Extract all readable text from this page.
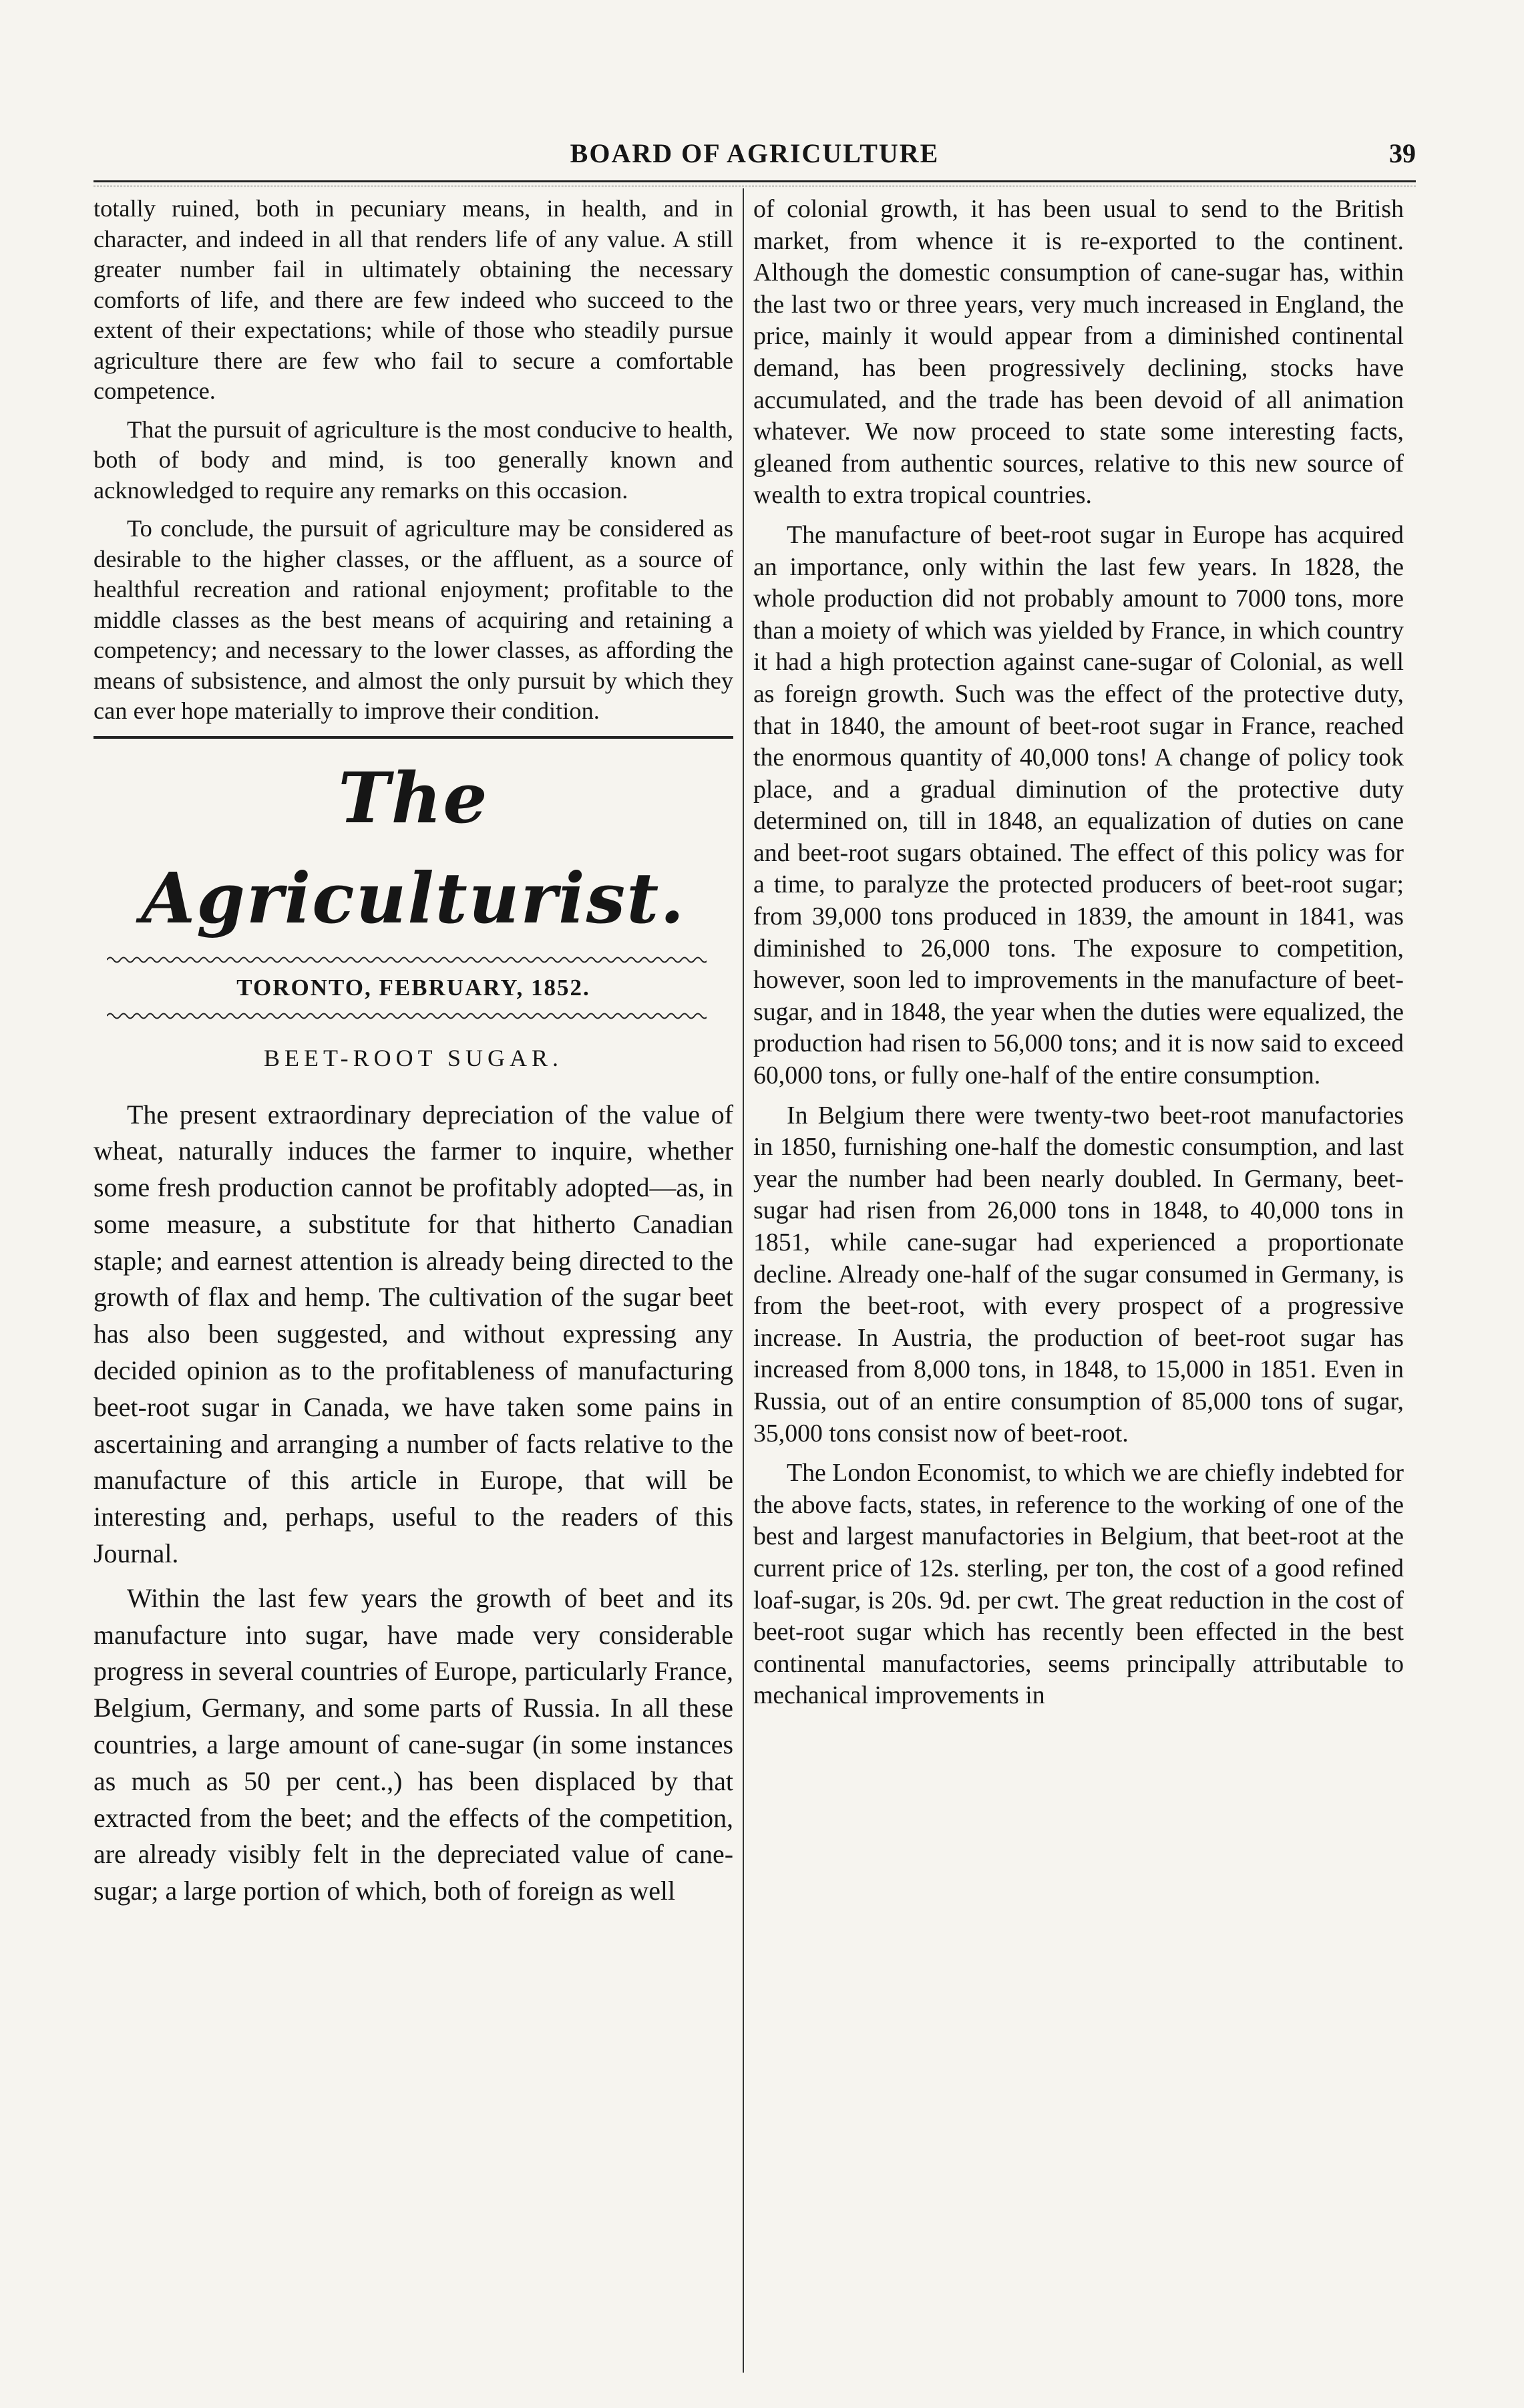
BOARD OF AGRICULTURE	39

totally ruined, both in pecuniary means, in health, and in character, and indeed in all that renders life of any value. A still greater number fail in ultimately obtaining the necessary comforts of life, and there are few indeed who succeed to the extent of their expectations; while of those who steadily pursue agriculture there are few who fail to secure a comfortable competence.

That the pursuit of agriculture is the most conducive to health, both of body and mind, is too generally known and acknowledged to require any remarks on this occasion.

To conclude, the pursuit of agriculture may be considered as desirable to the higher classes, or the affluent, as a source of healthful recreation and rational enjoyment; profitable to the middle classes as the best means of acquiring and retaining a competency; and necessary to the lower classes, as affording the means of subsistence, and almost the only pursuit by which they can ever hope materially to improve their condition.

The Agriculturist.
TORONTO, FEBRUARY, 1852.
BEET-ROOT SUGAR.

The present extraordinary depreciation of the value of wheat, naturally induces the farmer to inquire, whether some fresh production cannot be profitably adopted—as, in some measure, a substitute for that hitherto Canadian staple; and earnest attention is already being directed to the growth of flax and hemp. The cultivation of the sugar beet has also been suggested, and without expressing any decided opinion as to the profitableness of manufacturing beet-root sugar in Canada, we have taken some pains in ascertaining and arranging a number of facts relative to the manufacture of this article in Europe, that will be interesting and, perhaps, useful to the readers of this Journal.

Within the last few years the growth of beet and its manufacture into sugar, have made very considerable progress in several countries of Europe, particularly France, Belgium, Germany, and some parts of Russia. In all these countries, a large amount of cane-sugar (in some instances as much as 50 per cent.,) has been displaced by that extracted from the beet; and the effects of the competition, are already visibly felt in the depreciated value of cane-sugar; a large portion of which, both of foreign as well

of colonial growth, it has been usual to send to the British market, from whence it is re-exported to the continent. Although the domestic consumption of cane-sugar has, within the last two or three years, very much increased in England, the price, mainly it would appear from a diminished continental demand, has been progressively declining, stocks have accumulated, and the trade has been devoid of all animation whatever. We now proceed to state some interesting facts, gleaned from authentic sources, relative to this new source of wealth to extra tropical countries.

The manufacture of beet-root sugar in Europe has acquired an importance, only within the last few years. In 1828, the whole production did not probably amount to 7000 tons, more than a moiety of which was yielded by France, in which country it had a high protection against cane-sugar of Colonial, as well as foreign growth. Such was the effect of the protective duty, that in 1840, the amount of beet-root sugar in France, reached the enormous quantity of 40,000 tons! A change of policy took place, and a gradual diminution of the protective duty determined on, till in 1848, an equalization of duties on cane and beet-root sugars obtained. The effect of this policy was for a time, to paralyze the protected producers of beet-root sugar; from 39,000 tons produced in 1839, the amount in 1841, was diminished to 26,000 tons. The exposure to competition, however, soon led to improvements in the manufacture of beet-sugar, and in 1848, the year when the duties were equalized, the production had risen to 56,000 tons; and it is now said to exceed 60,000 tons, or fully one-half of the entire consumption.

In Belgium there were twenty-two beet-root manufactories in 1850, furnishing one-half the domestic consumption, and last year the number had been nearly doubled. In Germany, beet-sugar had risen from 26,000 tons in 1848, to 40,000 tons in 1851, while cane-sugar had experienced a proportionate decline. Already one-half of the sugar consumed in Germany, is from the beet-root, with every prospect of a progressive increase. In Austria, the production of beet-root sugar has increased from 8,000 tons, in 1848, to 15,000 in 1851. Even in Russia, out of an entire consumption of 85,000 tons of sugar, 35,000 tons consist now of beet-root.

The London Economist, to which we are chiefly indebted for the above facts, states, in reference to the working of one of the best and largest manufactories in Belgium, that beet-root at the current price of 12s. sterling, per ton, the cost of a good refined loaf-sugar, is 20s. 9d. per cwt. The great reduction in the cost of beet-root sugar which has recently been effected in the best continental manufactories, seems principally attributable to mechanical improvements in
